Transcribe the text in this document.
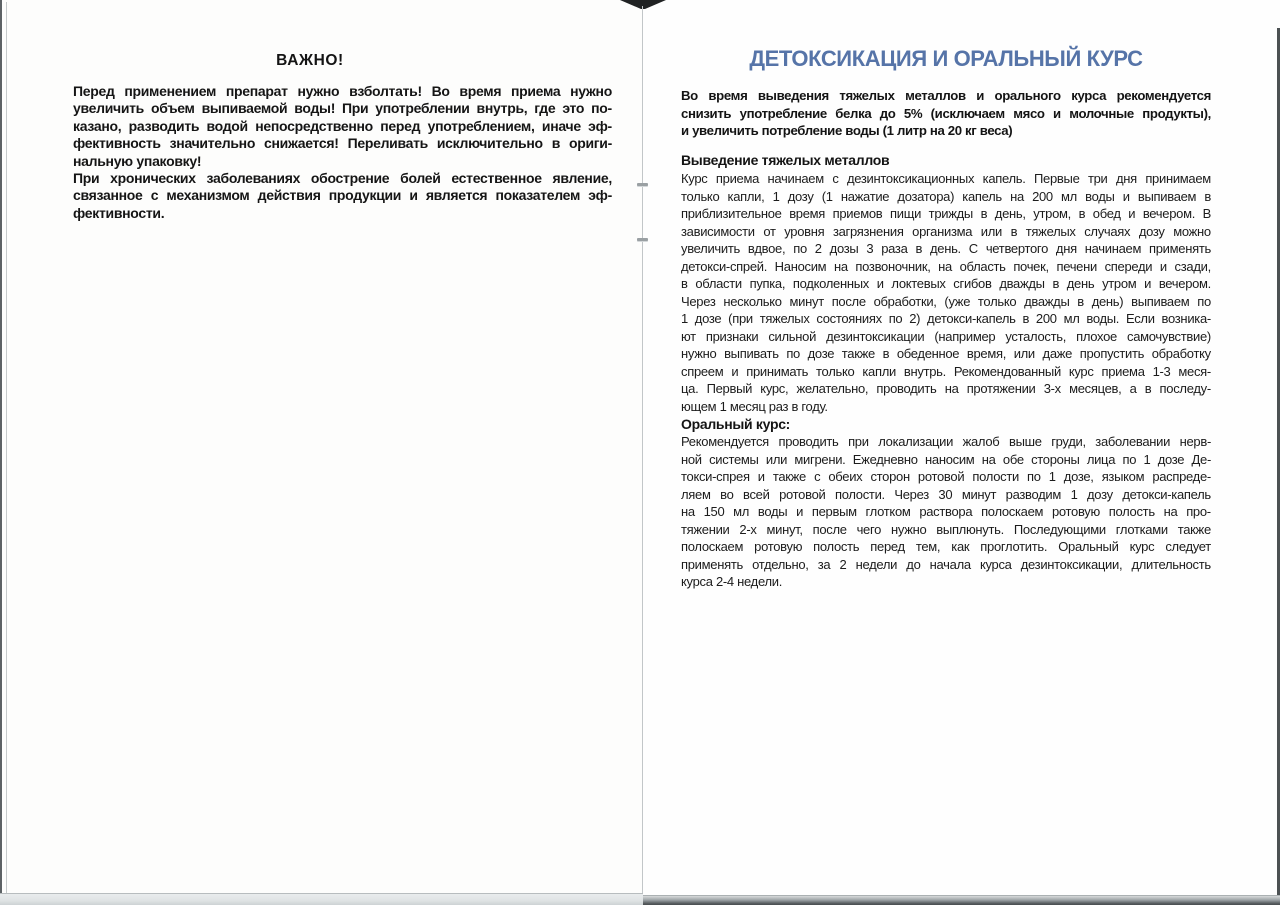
ВАЖНО!
Перед применением препарат нужно взболтать! Во время приема нужно
увеличить объем выпиваемой воды! При употреблении внутрь, где это по-
казано, разводить водой непосредственно перед употреблением, иначе эф-
фективность значительно снижается! Переливать исключительно в ориги-
нальную упаковку!
При хронических заболеваниях обострение болей естественное явление,
связанное с механизмом действия продукции и является показателем эф-
фективности.
ДЕТОКСИКАЦИЯ И ОРАЛЬНЫЙ КУРС
Во время выведения тяжелых металлов и орального курса рекомендуется
снизить употребление белка до 5% (исключаем мясо и молочные продукты),
и увеличить потребление воды (1 литр на 20 кг веса)
Выведение тяжелых металлов
Курс приема начинаем с дезинтоксикационных капель. Первые три дня принимаем
только капли, 1 дозу (1 нажатие дозатора) капель на 200 мл воды и выпиваем в
приблизительное время приемов пищи трижды в день, утром, в обед и вечером. В
зависимости от уровня загрязнения организма или в тяжелых случаях дозу можно
увеличить вдвое, по 2 дозы 3 раза в день. С четвертого дня начинаем применять
детокси-спрей. Наносим на позвоночник, на область почек, печени спереди и сзади,
в области пупка, подколенных и локтевых сгибов дважды в день утром и вечером.
Через несколько минут после обработки, (уже только дважды в день) выпиваем по
1 дозе (при тяжелых состояниях по 2) детокси-капель в 200 мл воды. Если возника-
ют признаки сильной дезинтоксикации (например усталость, плохое самочувствие)
нужно выпивать по дозе также в обеденное время, или даже пропустить обработку
спреем и принимать только капли внутрь. Рекомендованный курс приема 1-3 меся-
ца. Первый курс, желательно, проводить на протяжении 3-х месяцев, а в последу-
ющем 1 месяц раз в году.
Оральный курс:
Рекомендуется проводить при локализации жалоб выше груди, заболевании нерв-
ной системы или мигрени. Ежедневно наносим на обе стороны лица по 1 дозе Де-
токси-спрея и также с обеих сторон ротовой полости по 1 дозе, языком распреде-
ляем во всей ротовой полости. Через 30 минут разводим 1 дозу детокси-капель
на 150 мл воды и первым глотком раствора полоскаем ротовую полость на про-
тяжении 2-х минут, после чего нужно выплюнуть. Последующими глотками также
полоскаем ротовую полость перед тем, как проглотить. Оральный курс следует
применять отдельно, за 2 недели до начала курса дезинтоксикации, длительность
курса 2-4 недели.
